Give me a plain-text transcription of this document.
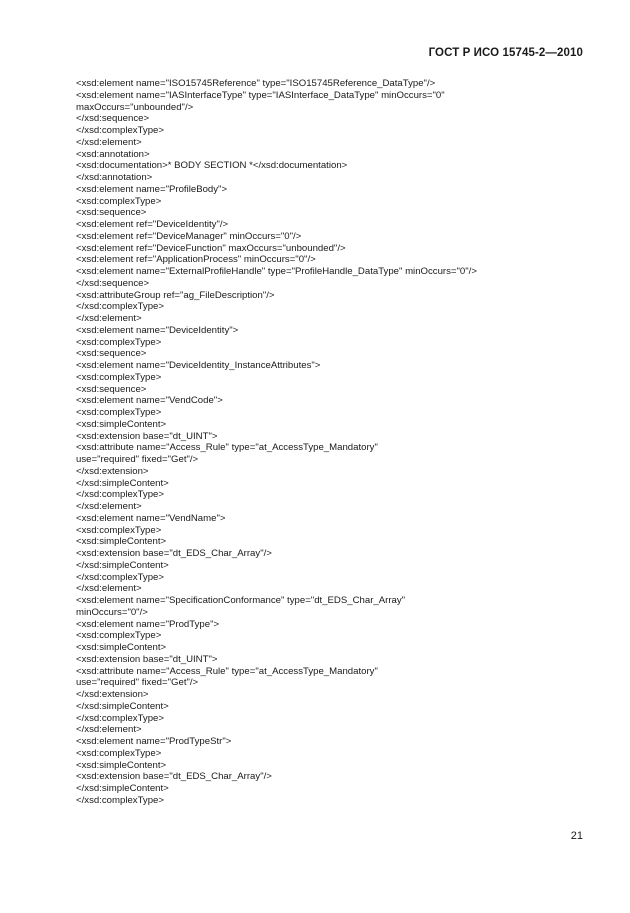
ГОСТ Р ИСО 15745-2—2010
<xsd:element name="ISO15745Reference" type="ISO15745Reference_DataType"/>
<xsd:element name="IASInterfaceType" type="IASInterface_DataType" minOccurs="0"
maxOccurs="unbounded"/>
</xsd:sequence>
</xsd:complexType>
</xsd:element>
<xsd:annotation>
<xsd:documentation>* BODY SECTION *</xsd:documentation>
</xsd:annotation>
<xsd:element name="ProfileBody">
<xsd:complexType>
<xsd:sequence>
<xsd:element ref="DeviceIdentity"/>
<xsd:element ref="DeviceManager" minOccurs="0"/>
<xsd:element ref="DeviceFunction" maxOccurs="unbounded"/>
<xsd:element ref="ApplicationProcess" minOccurs="0"/>
<xsd:element name="ExternalProfileHandle" type="ProfileHandle_DataType" minOccurs="0"/>
</xsd:sequence>
<xsd:attributeGroup ref="ag_FileDescription"/>
</xsd:complexType>
</xsd:element>
<xsd:element name="DeviceIdentity">
<xsd:complexType>
<xsd:sequence>
<xsd:element name="DeviceIdentity_InstanceAttributes">
<xsd:complexType>
<xsd:sequence>
<xsd:element name="VendCode">
<xsd:complexType>
<xsd:simpleContent>
<xsd:extension base="dt_UINT">
<xsd:attribute name="Access_Rule" type="at_AccessType_Mandatory"
use="required" fixed="Get"/>
</xsd:extension>
</xsd:simpleContent>
</xsd:complexType>
</xsd:element>
<xsd:element name="VendName">
<xsd:complexType>
<xsd:simpleContent>
<xsd:extension base="dt_EDS_Char_Array"/>
</xsd:simpleContent>
</xsd:complexType>
</xsd:element>
<xsd:element name="SpecificationConformance" type="dt_EDS_Char_Array"
minOccurs="0"/>
<xsd:element name="ProdType">
<xsd:complexType>
<xsd:simpleContent>
<xsd:extension base="dt_UINT">
<xsd:attribute name="Access_Rule" type="at_AccessType_Mandatory"
use="required" fixed="Get"/>
</xsd:extension>
</xsd:simpleContent>
</xsd:complexType>
</xsd:element>
<xsd:element name="ProdTypeStr">
<xsd:complexType>
<xsd:simpleContent>
<xsd:extension base="dt_EDS_Char_Array"/>
</xsd:simpleContent>
</xsd:complexType>
21
